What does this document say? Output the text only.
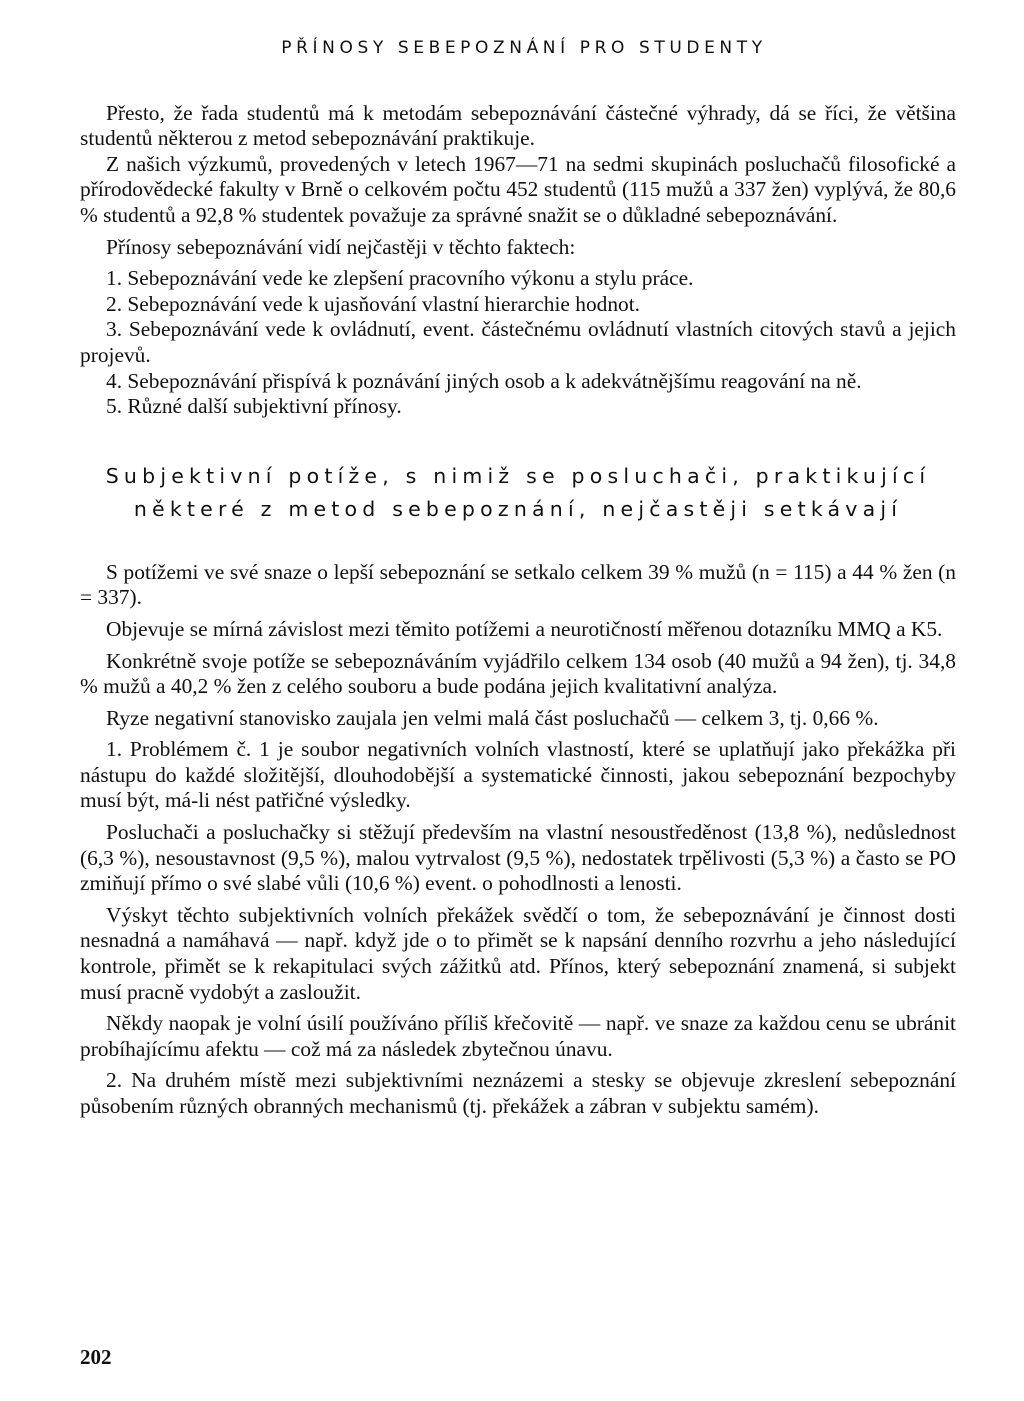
PŘÍNOSY SEBEPOZNÁNÍ PRO STUDENTY

Přesto, že řada studentů má k metodám sebepoznávání částečné výhrady, dá se říci, že většina studentů některou z metod sebepoznávání praktikuje.

Z našich výzkumů, provedených v letech 1967—71 na sedmi skupinách posluchačů filosofické a přírodovědecké fakulty v Brně o celkovém počtu 452 studentů (115 mužů a 337 žen) vyplývá, že 80,6 % studentů a 92,8 % studentek považuje za správné snažit se o důkladné sebepoznávání.

Přínosy sebepoznávání vidí nejčastěji v těchto faktech:

1. Sebepoznávání vede ke zlepšení pracovního výkonu a stylu práce.

2. Sebepoznávání vede k ujasňování vlastní hierarchie hodnot.

3. Sebepoznávání vede k ovládnutí, event. částečnému ovládnutí vlastních citových stavů a jejich projevů.

4. Sebepoznávání přispívá k poznávání jiných osob a k adekvátnějšímu reagování na ně.

5. Různé další subjektivní přínosy.

Subjektivní potíže, s nimiž se posluchači, praktikující
některé z metod sebepoznání, nejčastěji setkávají

S potížemi ve své snaze o lepší sebepoznání se setkalo celkem 39 % mužů (n = 115) a 44 % žen (n = 337).

Objevuje se mírná závislost mezi těmito potížemi a neurotičností měřenou dotazníku MMQ a K5.

Konkrétně svoje potíže se sebepoznáváním vyjádřilo celkem 134 osob (40 mužů a 94 žen), tj. 34,8 % mužů a 40,2 % žen z celého souboru a bude podána jejich kvalitativní analýza.

Ryze negativní stanovisko zaujala jen velmi malá část posluchačů — celkem 3, tj. 0,66 %.

1. Problémem č. 1 je soubor negativních volních vlastností, které se uplatňují jako překážka při nástupu do každé složitější, dlouhodobější a systematické činnosti, jakou sebepoznání bezpochyby musí být, má-li nést patřičné výsledky.

Posluchači a posluchačky si stěžují především na vlastní nesoustředěnost (13,8 %), nedůslednost (6,3 %), nesoustavnost (9,5 %), malou vytrvalost (9,5 %), nedostatek trpělivosti (5,3 %) a často se PO zmiňují přímo o své slabé vůli (10,6 %) event. o pohodlnosti a lenosti.

Výskyt těchto subjektivních volních překážek svědčí o tom, že sebepoznávání je činnost dosti nesnadná a namáhavá — např. když jde o to přimět se k napsání denního rozvrhu a jeho následující kontrole, přimět se k rekapitulaci svých zážitků atd. Přínos, který sebepoznání znamená, si subjekt musí pracně vydobýt a zasloužit.

Někdy naopak je volní úsilí používáno příliš křečovitě — např. ve snaze za každou cenu se ubránit probíhajícímu afektu — což má za následek zbytečnou únavu.

2. Na druhém místě mezi subjektivními neznázemi a stesky se objevuje zkreslení sebepoznání působením různých obranných mechanismů (tj. překážek a zábran v subjektu samém).

202
